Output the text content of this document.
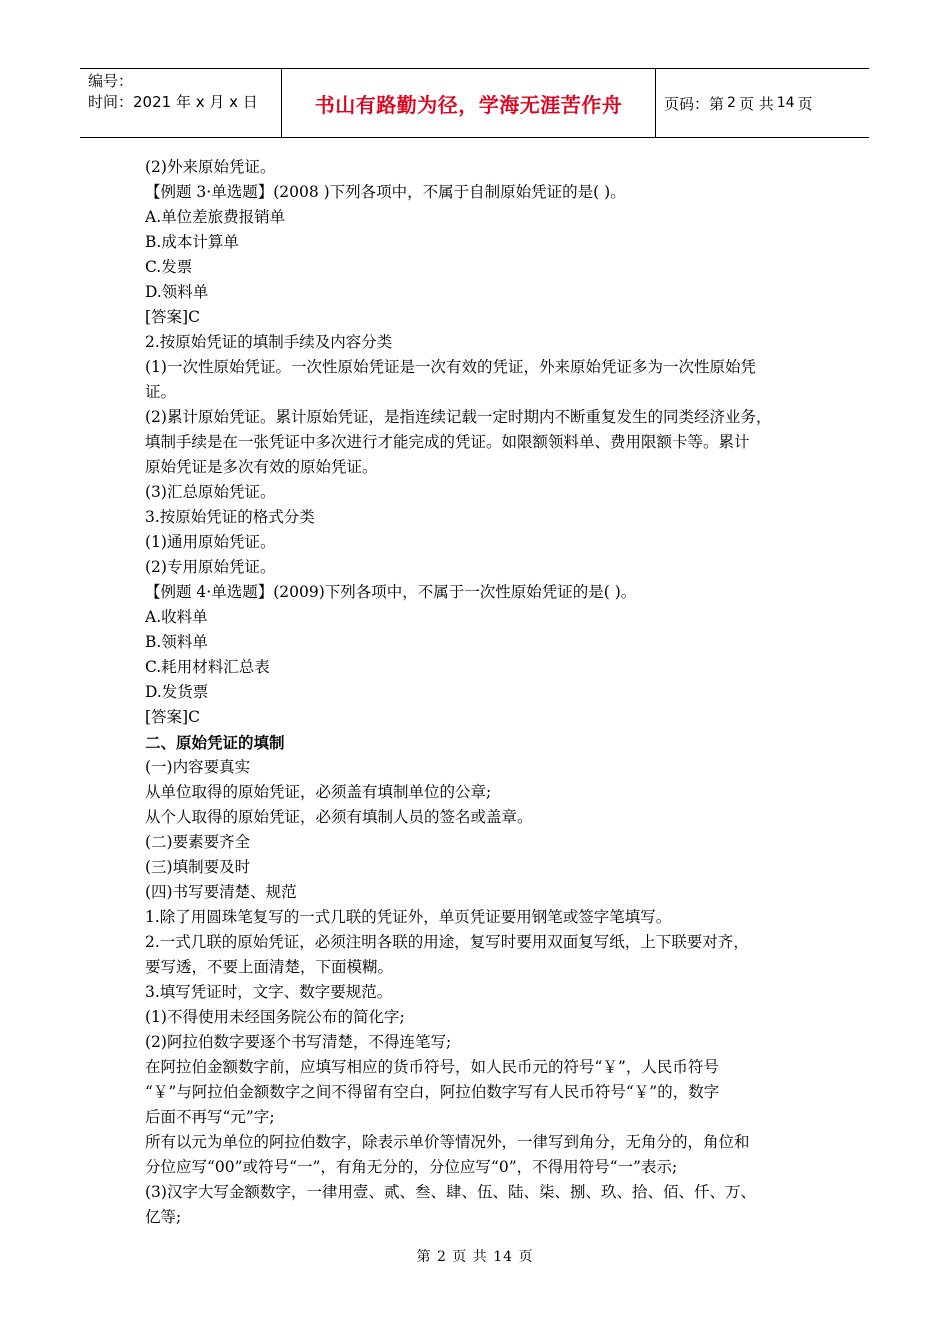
编号：
时间：2021 年 x 月 x 日	书山有路勤为径，学海无涯苦作舟	页码：第 2 页 共 14 页
(2)外来原始凭证。
【例题 3·单选题】(2008 )下列各项中，不属于自制原始凭证的是( )。
A.单位差旅费报销单
B.成本计算单
C.发票
D.领料单
[答案]C
2.按原始凭证的填制手续及内容分类
(1)一次性原始凭证。一次性原始凭证是一次有效的凭证，外来原始凭证多为一次性原始凭
证。
(2)累计原始凭证。累计原始凭证，是指连续记载一定时期内不断重复发生的同类经济业务，
填制手续是在一张凭证中多次进行才能完成的凭证。如限额领料单、费用限额卡等。累计
原始凭证是多次有效的原始凭证。
(3)汇总原始凭证。
3.按原始凭证的格式分类
(1)通用原始凭证。
(2)专用原始凭证。
【例题 4·单选题】(2009)下列各项中，不属于一次性原始凭证的是( )。
A.收料单
B.领料单
C.耗用材料汇总表
D.发货票
[答案]C
二、原始凭证的填制
(一)内容要真实
从单位取得的原始凭证，必须盖有填制单位的公章;
从个人取得的原始凭证，必须有填制人员的签名或盖章。
(二)要素要齐全
(三)填制要及时
(四)书写要清楚、规范
1.除了用圆珠笔复写的一式几联的凭证外，单页凭证要用钢笔或签字笔填写。
2.一式几联的原始凭证，必须注明各联的用途，复写时要用双面复写纸，上下联要对齐，
要写透，不要上面清楚，下面模糊。
3.填写凭证时，文字、数字要规范。
(1)不得使用未经国务院公布的简化字;
(2)阿拉伯数字要逐个书写清楚，不得连笔写;
在阿拉伯金额数字前，应填写相应的货币符号，如人民币元的符号“￥”，人民币符号
“￥”与阿拉伯金额数字之间不得留有空白，阿拉伯数字写有人民币符号“￥”的，数字
后面不再写“元”字;
所有以元为单位的阿拉伯数字，除表示单价等情况外，一律写到角分，无角分的，角位和
分位应写“00”或符号“一”，有角无分的，分位应写“0”，不得用符号“一”表示;
(3)汉字大写金额数字，一律用壹、贰、叁、肆、伍、陆、柒、捌、玖、拾、佰、仟、万、
亿等;
第 2 页 共 14 页
